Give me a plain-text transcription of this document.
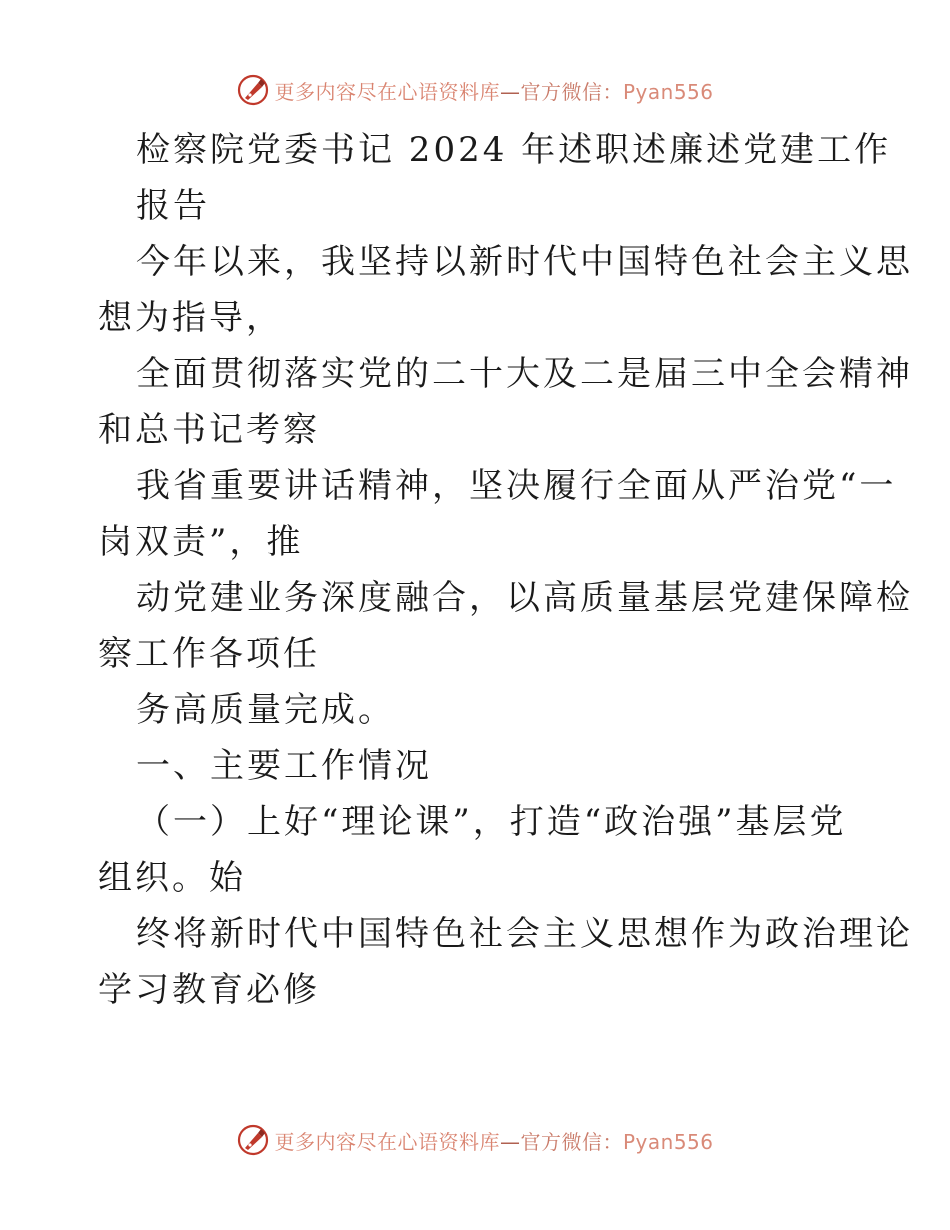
更多内容尽在心语资料库—官方微信：Pyan556

检察院党委书记 2024 年述职述廉述党建工作

报告

今年以来，我坚持以新时代中国特色社会主义思

想为指导，

全面贯彻落实党的二十大及二是届三中全会精神

和总书记考察

我省重要讲话精神，坚决履行全面从严治党“一

岗双责”，推

动党建业务深度融合，以高质量基层党建保障检

察工作各项任

务高质量完成。

一、主要工作情况

（一）上好“理论课”，打造“政治强”基层党

组织。始

终将新时代中国特色社会主义思想作为政治理论

学习教育必修

更多内容尽在心语资料库—官方微信：Pyan556
